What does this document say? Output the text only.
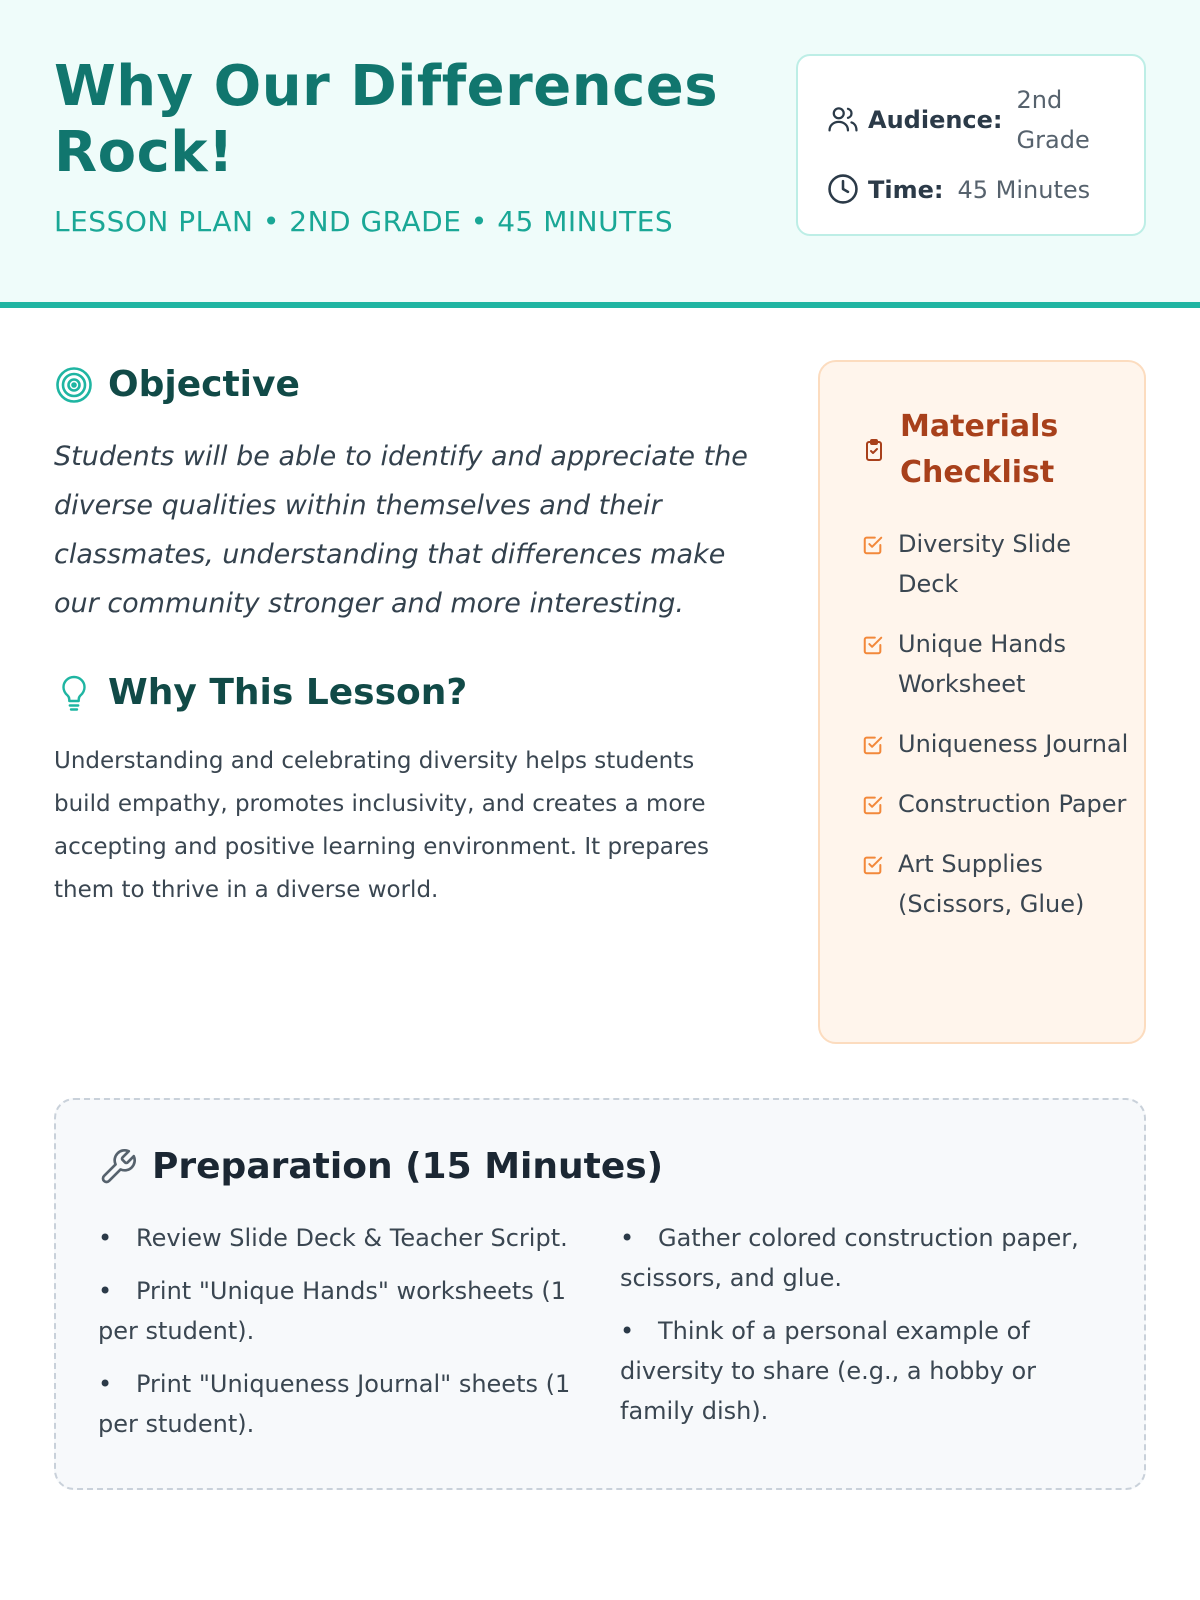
Why Our Differences Rock!
LESSON PLAN • 2ND GRADE • 45 MINUTES
Audience:
2nd Grade
Time: 45 Minutes
Objective

Students will be able to identify and appreciate the diverse qualities within themselves and their classmates, understanding that differences make our community stronger and more interesting.

Why This Lesson?

Understanding and celebrating diversity helps students build empathy, promotes inclusivity, and creates a more accepting and positive learning environment. It prepares them to thrive in a diverse world.

Materials Checklist
Diversity Slide Deck
Unique Hands Worksheet
Uniqueness Journal
Construction Paper
Art Supplies (Scissors, Glue)
Preparation (15 Minutes)
• Review Slide Deck & Teacher Script.
• Print "Unique Hands" worksheets (1 per student).
• Print "Uniqueness Journal" sheets (1 per student).
• Gather colored construction paper, scissors, and glue.
• Think of a personal example of diversity to share (e.g., a hobby or family dish).
